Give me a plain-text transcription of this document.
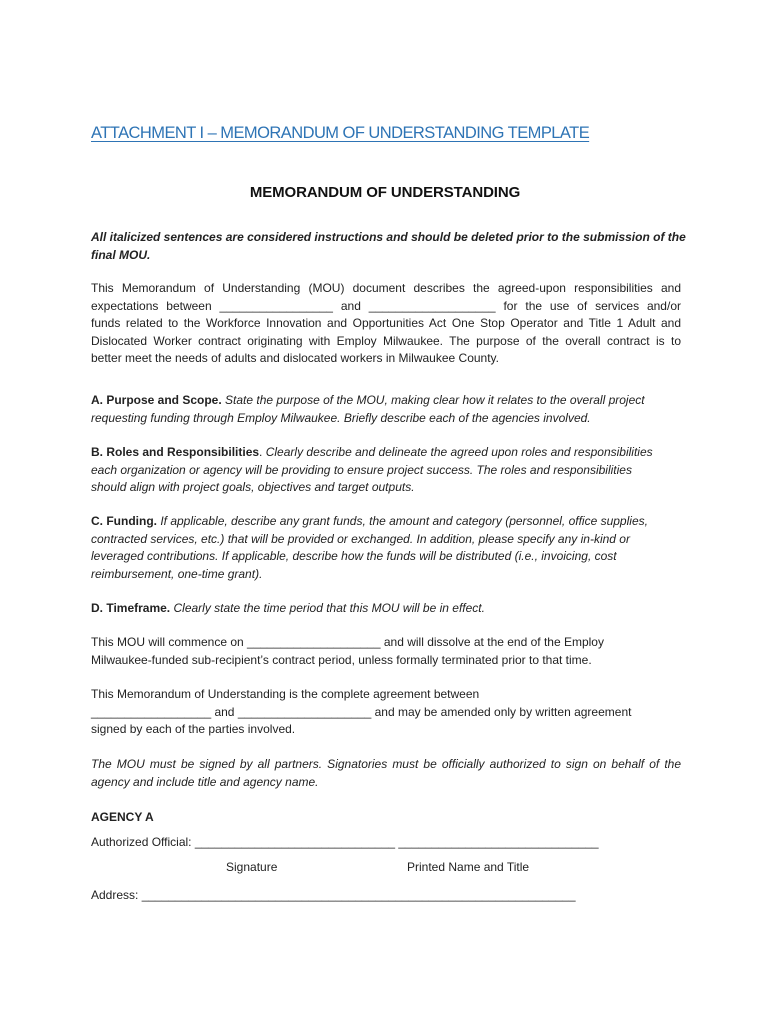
ATTACHMENT I – MEMORANDUM OF UNDERSTANDING TEMPLATE
MEMORANDUM OF UNDERSTANDING
All italicized sentences are considered instructions and should be deleted prior to the submission of the
final MOU.
This Memorandum of Understanding (MOU) document describes the agreed-upon responsibilities and
expectations between _________________ and ___________________ for the use of services and/or
funds related to the Workforce Innovation and Opportunities Act One Stop Operator and Title 1 Adult and
Dislocated Worker contract originating with Employ Milwaukee. The purpose of the overall contract is to
better meet the needs of adults and dislocated workers in Milwaukee County.
A. Purpose and Scope. State the purpose of the MOU, making clear how it relates to the overall project
requesting funding through Employ Milwaukee. Briefly describe each of the agencies involved.
B. Roles and Responsibilities. Clearly describe and delineate the agreed upon roles and responsibilities
each organization or agency will be providing to ensure project success. The roles and responsibilities
should align with project goals, objectives and target outputs.
C. Funding. If applicable, describe any grant funds, the amount and category (personnel, office supplies,
contracted services, etc.) that will be provided or exchanged. In addition, please specify any in-kind or
leveraged contributions. If applicable, describe how the funds will be distributed (i.e., invoicing, cost
reimbursement, one-time grant).
D. Timeframe. Clearly state the time period that this MOU will be in effect.
This MOU will commence on ____________________ and will dissolve at the end of the Employ
Milwaukee-funded sub-recipient’s contract period, unless formally terminated prior to that time.
This Memorandum of Understanding is the complete agreement between
__________________ and ____________________ and may be amended only by written agreement
signed by each of the parties involved.
The MOU must be signed by all partners. Signatories must be officially authorized to sign on behalf of the
agency and include title and agency name.
AGENCY A
Authorized Official: ______________________________ ______________________________
Signature	Printed Name and Title
Address: _________________________________________________________________
